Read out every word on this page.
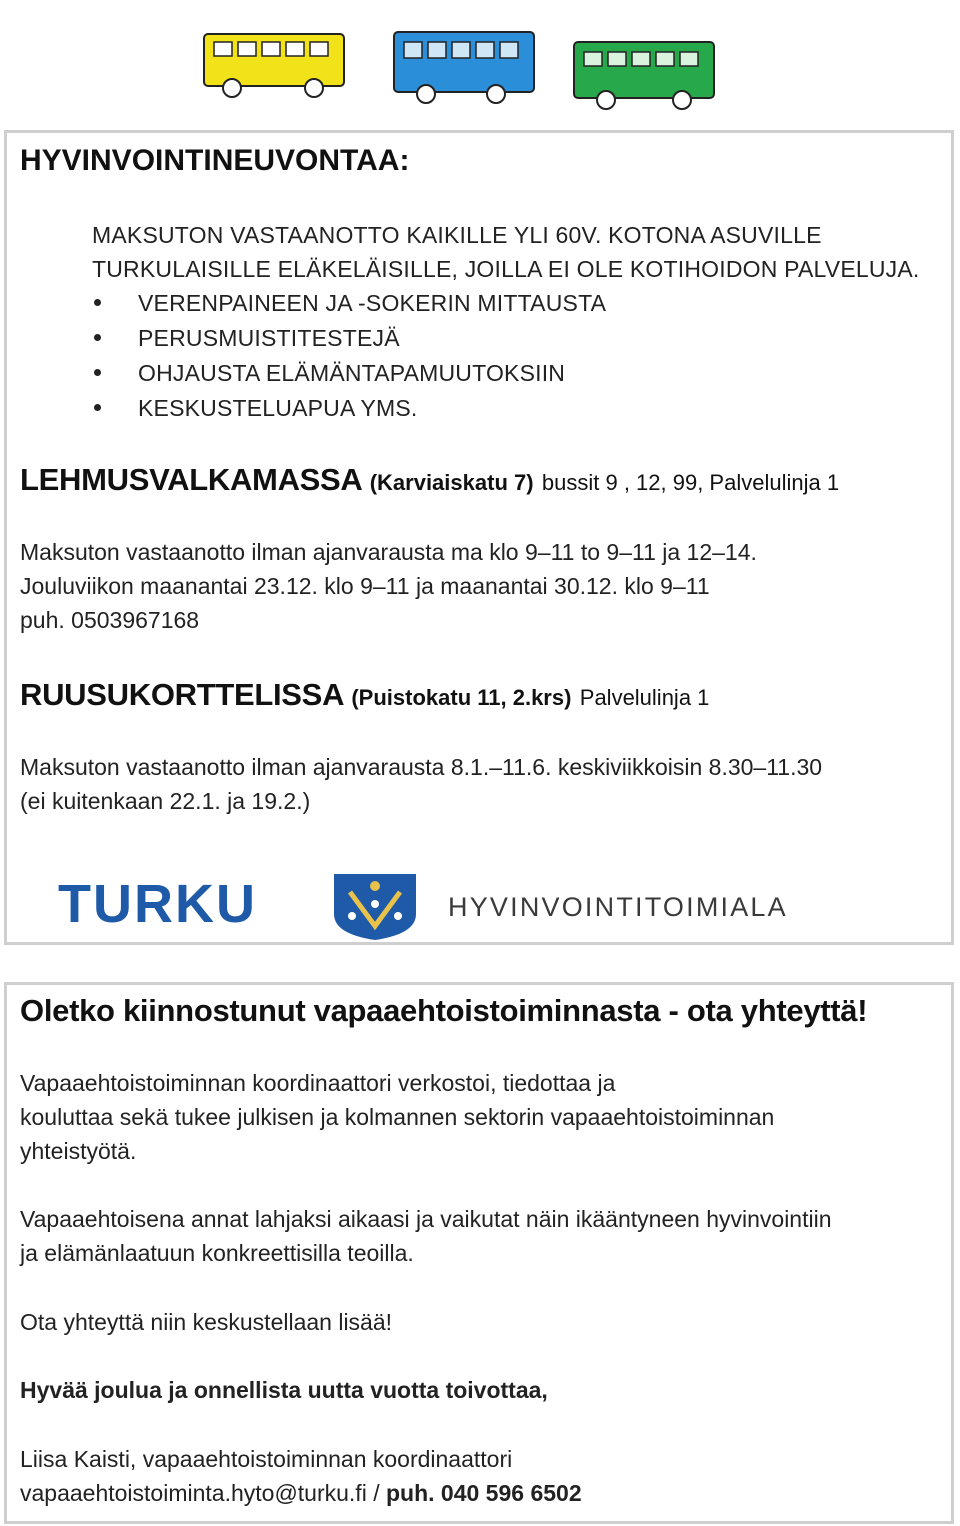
HYVINVOINTINEUVONTAA:
MAKSUTON VASTAANOTTO KAIKILLE YLI 60V. KOTONA ASUVILLE
TURKULAISILLE ELÄKELÄISILLE, JOILLA EI OLE KOTIHOIDON PALVELUJA.
VERENPAINEEN JA -SOKERIN MITTAUSTA
PERUSMUISTITESTEJÄ
OHJAUSTA ELÄMÄNTAPAMUUTOKSIIN
KESKUSTELUAPUA YMS.
LEHMUSVALKAMASSA (Karviaiskatu 7) bussit 9 , 12, 99, Palvelulinja 1
Maksuton vastaanotto ilman ajanvarausta ma klo 9–11 to 9–11 ja 12–14.
Jouluviikon maanantai 23.12. klo 9–11 ja maanantai 30.12. klo 9–11
puh. 0503967168
RUUSUKORTTELISSA (Puistokatu 11, 2.krs) Palvelulinja 1
Maksuton vastaanotto ilman ajanvarausta 8.1.–11.6. keskiviikkoisin 8.30–11.30
(ei kuitenkaan 22.1. ja 19.2.)
TURKU	HYVINVOINTITOIMIALA
Oletko kiinnostunut vapaaehtoistoiminnasta - ota yhteyttä!
Vapaaehtoistoiminnan koordinaattori verkostoi, tiedottaa ja
kouluttaa sekä tukee julkisen ja kolmannen sektorin vapaaehtoistoiminnan
yhteistyötä.
Vapaaehtoisena annat lahjaksi aikaasi ja vaikutat näin ikääntyneen hyvinvointiin
ja elämänlaatuun konkreettisilla teoilla.
Ota yhteyttä niin keskustellaan lisää!
Hyvää joulua ja onnellista uutta vuotta toivottaa,
Liisa Kaisti, vapaaehtoistoiminnan koordinaattori
vapaaehtoistoiminta.hyto@turku.fi / puh. 040 596 6502
